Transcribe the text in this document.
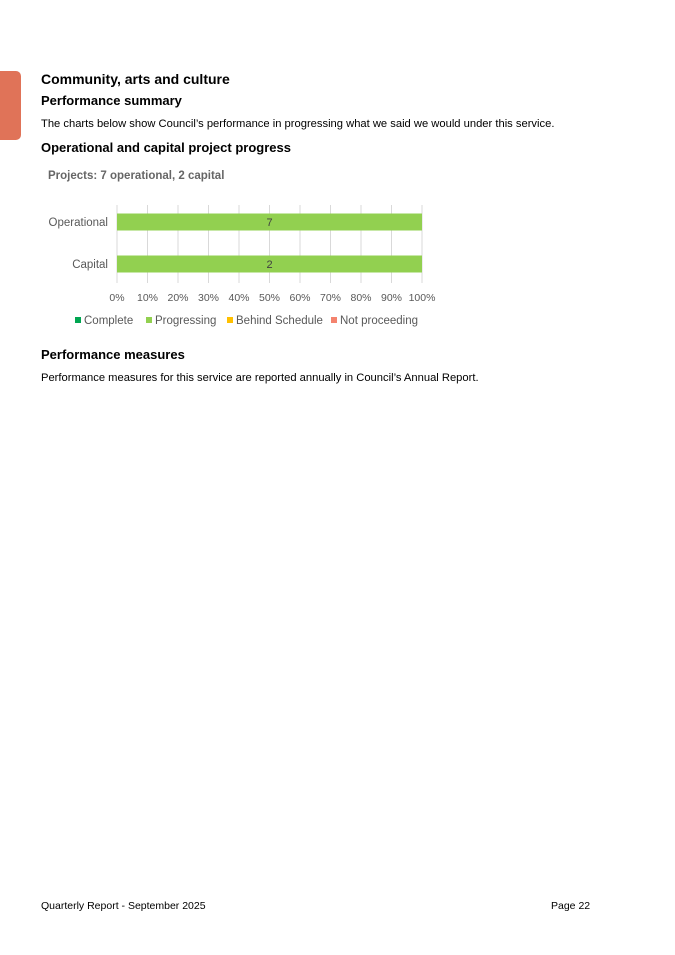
Community, arts and culture
Performance summary
The charts below show Council’s performance in progressing what we said we would under this service.
Operational and capital project progress
Projects: 7 operational, 2 capital
7
2
Operational
Capital
0% 10% 20% 30% 40% 50% 60% 70% 80% 90% 100%
Complete Progressing Behind Schedule Not proceeding
Performance measures
Performance measures for this service are reported annually in Council’s Annual Report.
Quarterly Report - September 2025	Page 22
